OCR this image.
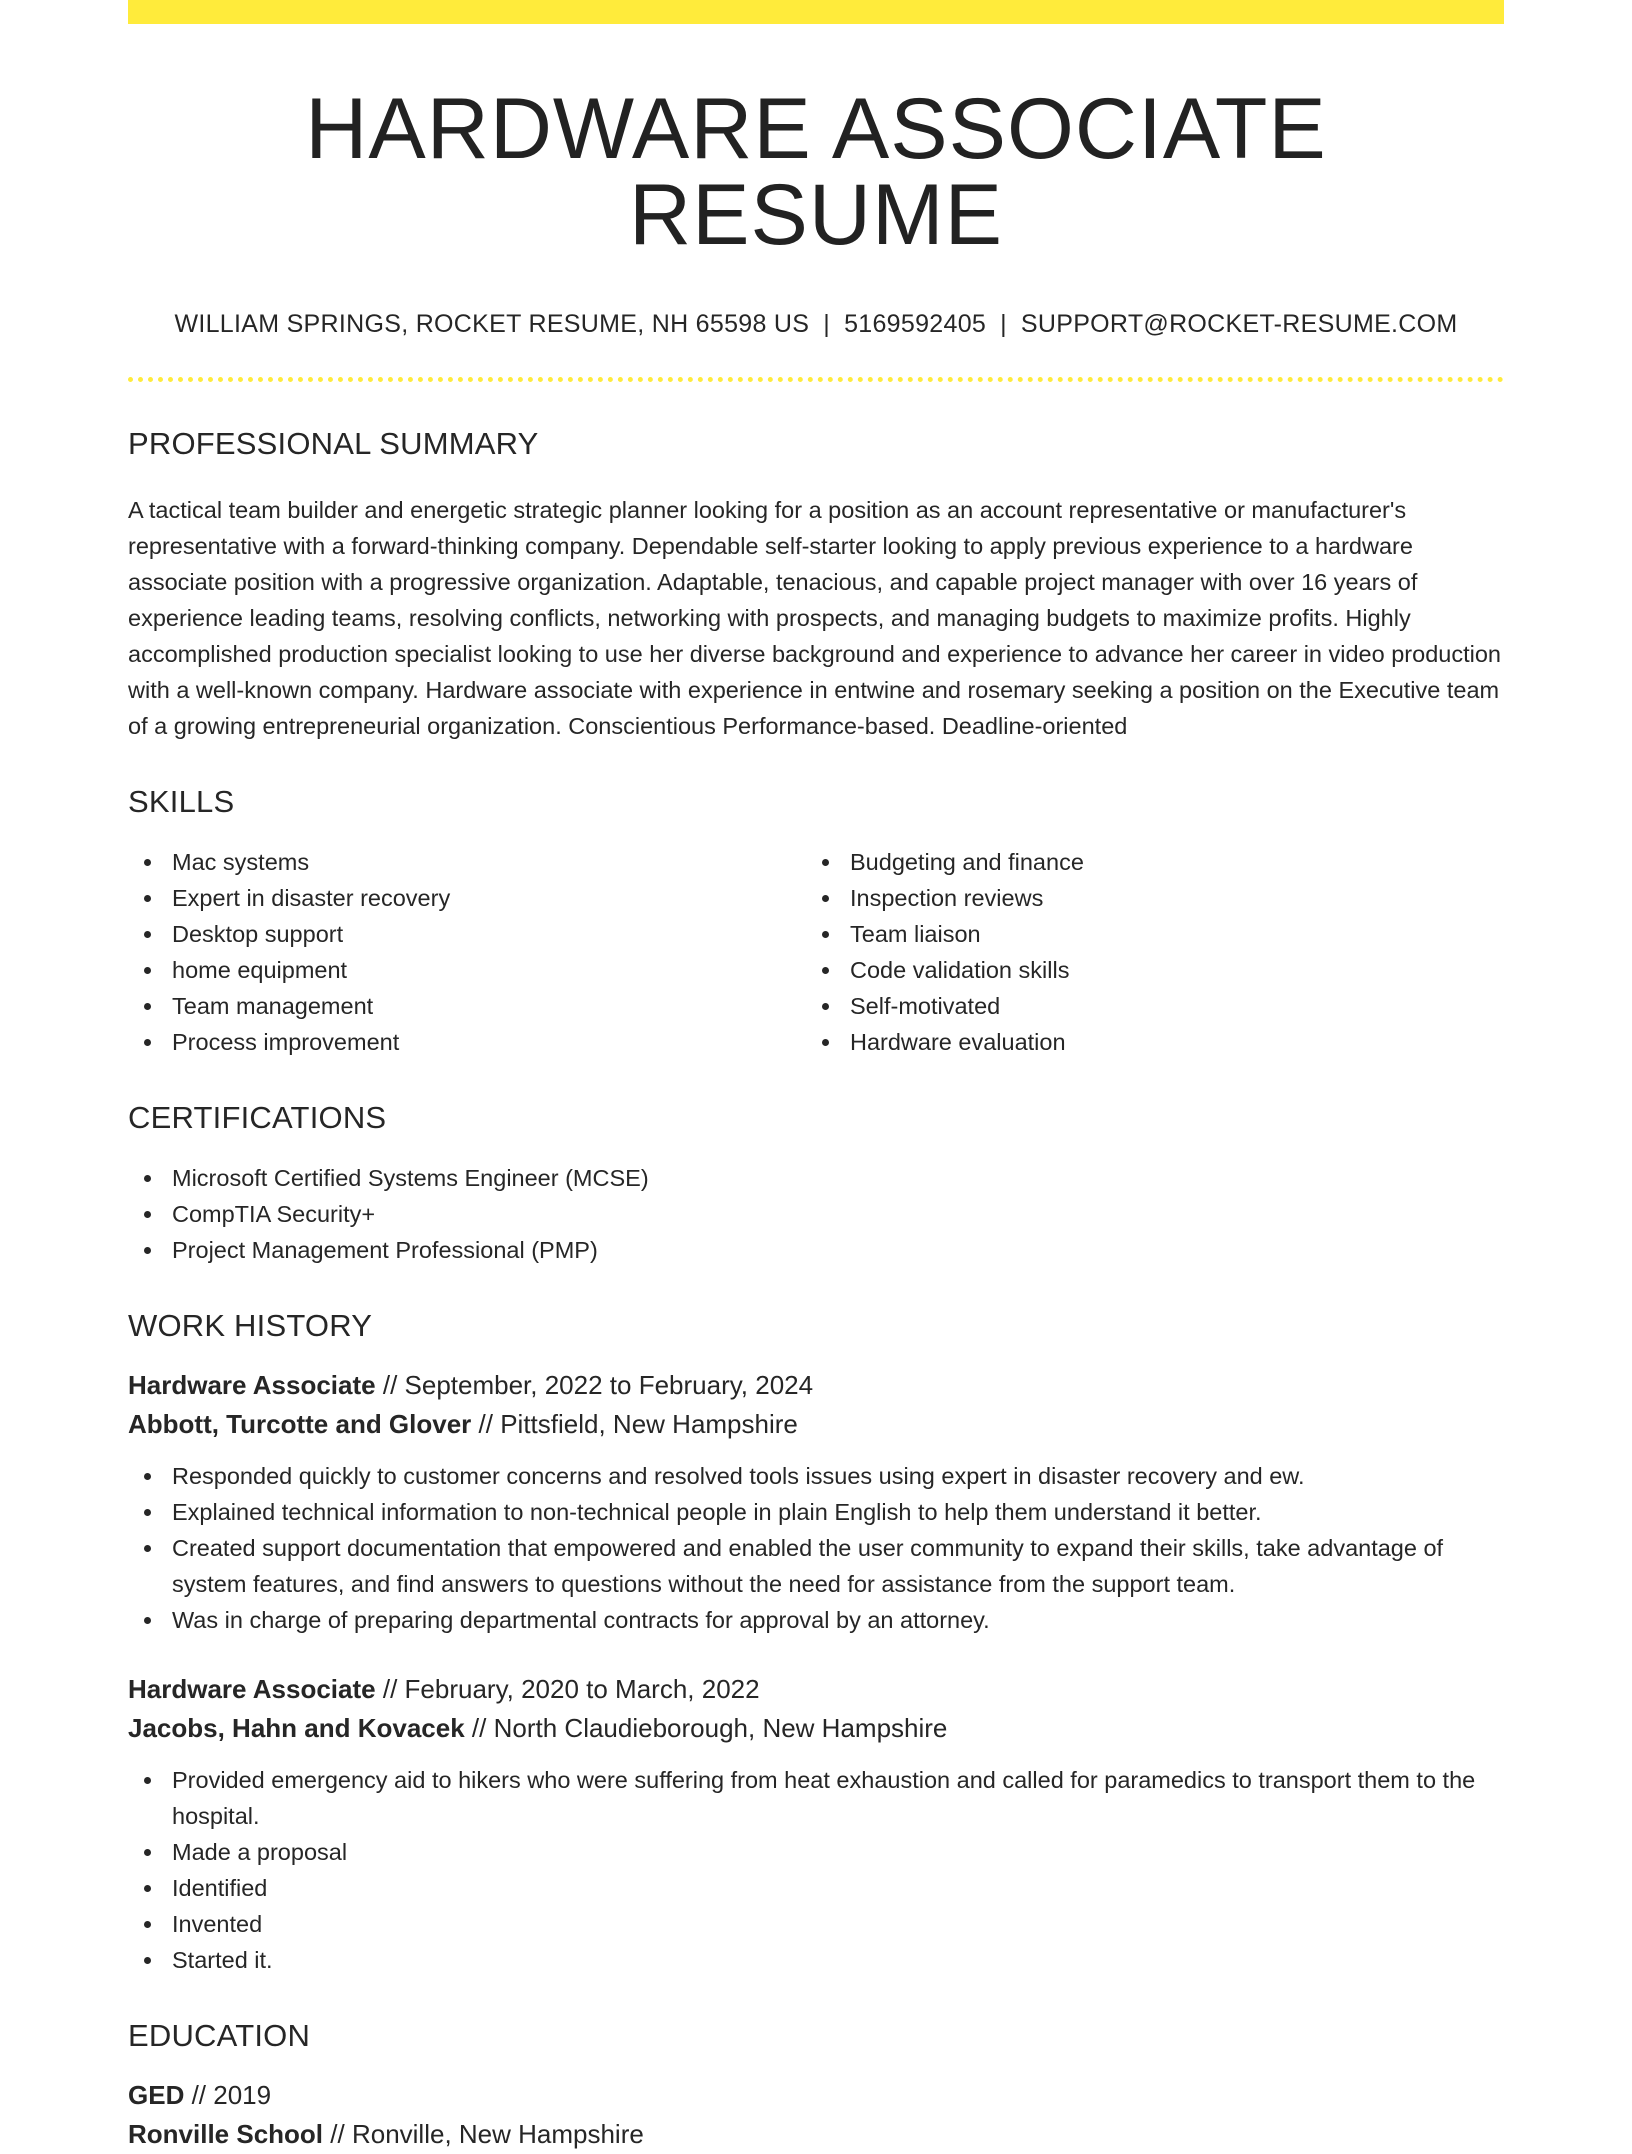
HARDWARE ASSOCIATE RESUME
WILLIAM SPRINGS, ROCKET RESUME, NH 65598 US | 5169592405 | SUPPORT@ROCKET-RESUME.COM
PROFESSIONAL SUMMARY

A tactical team builder and energetic strategic planner looking for a position as an account representative or manufacturer's representative with a forward-thinking company. Dependable self-starter looking to apply previous experience to a hardware associate position with a progressive organization. Adaptable, tenacious, and capable project manager with over 16 years of experience leading teams, resolving conflicts, networking with prospects, and managing budgets to maximize profits. Highly accomplished production specialist looking to use her diverse background and experience to advance her career in video production with a well-known company. Hardware associate with experience in entwine and rosemary seeking a position on the Executive team of a growing entrepreneurial organization. Conscientious Performance-based. Deadline-oriented

SKILLS
Mac systems
Expert in disaster recovery
Desktop support
home equipment
Team management
Process improvement
Budgeting and finance
Inspection reviews
Team liaison
Code validation skills
Self-motivated
Hardware evaluation
CERTIFICATIONS
Microsoft Certified Systems Engineer (MCSE)
CompTIA Security+
Project Management Professional (PMP)
WORK HISTORY
Hardware Associate // September, 2022 to February, 2024
Abbott, Turcotte and Glover // Pittsfield, New Hampshire
Responded quickly to customer concerns and resolved tools issues using expert in disaster recovery and ew.
Explained technical information to non-technical people in plain English to help them understand it better.
Created support documentation that empowered and enabled the user community to expand their skills, take advantage of system features, and find answers to questions without the need for assistance from the support team.
Was in charge of preparing departmental contracts for approval by an attorney.
Hardware Associate // February, 2020 to March, 2022
Jacobs, Hahn and Kovacek // North Claudieborough, New Hampshire
Provided emergency aid to hikers who were suffering from heat exhaustion and called for paramedics to transport them to the hospital.
Made a proposal
Identified
Invented
Started it.
EDUCATION
GED // 2019
Ronville School // Ronville, New Hampshire
